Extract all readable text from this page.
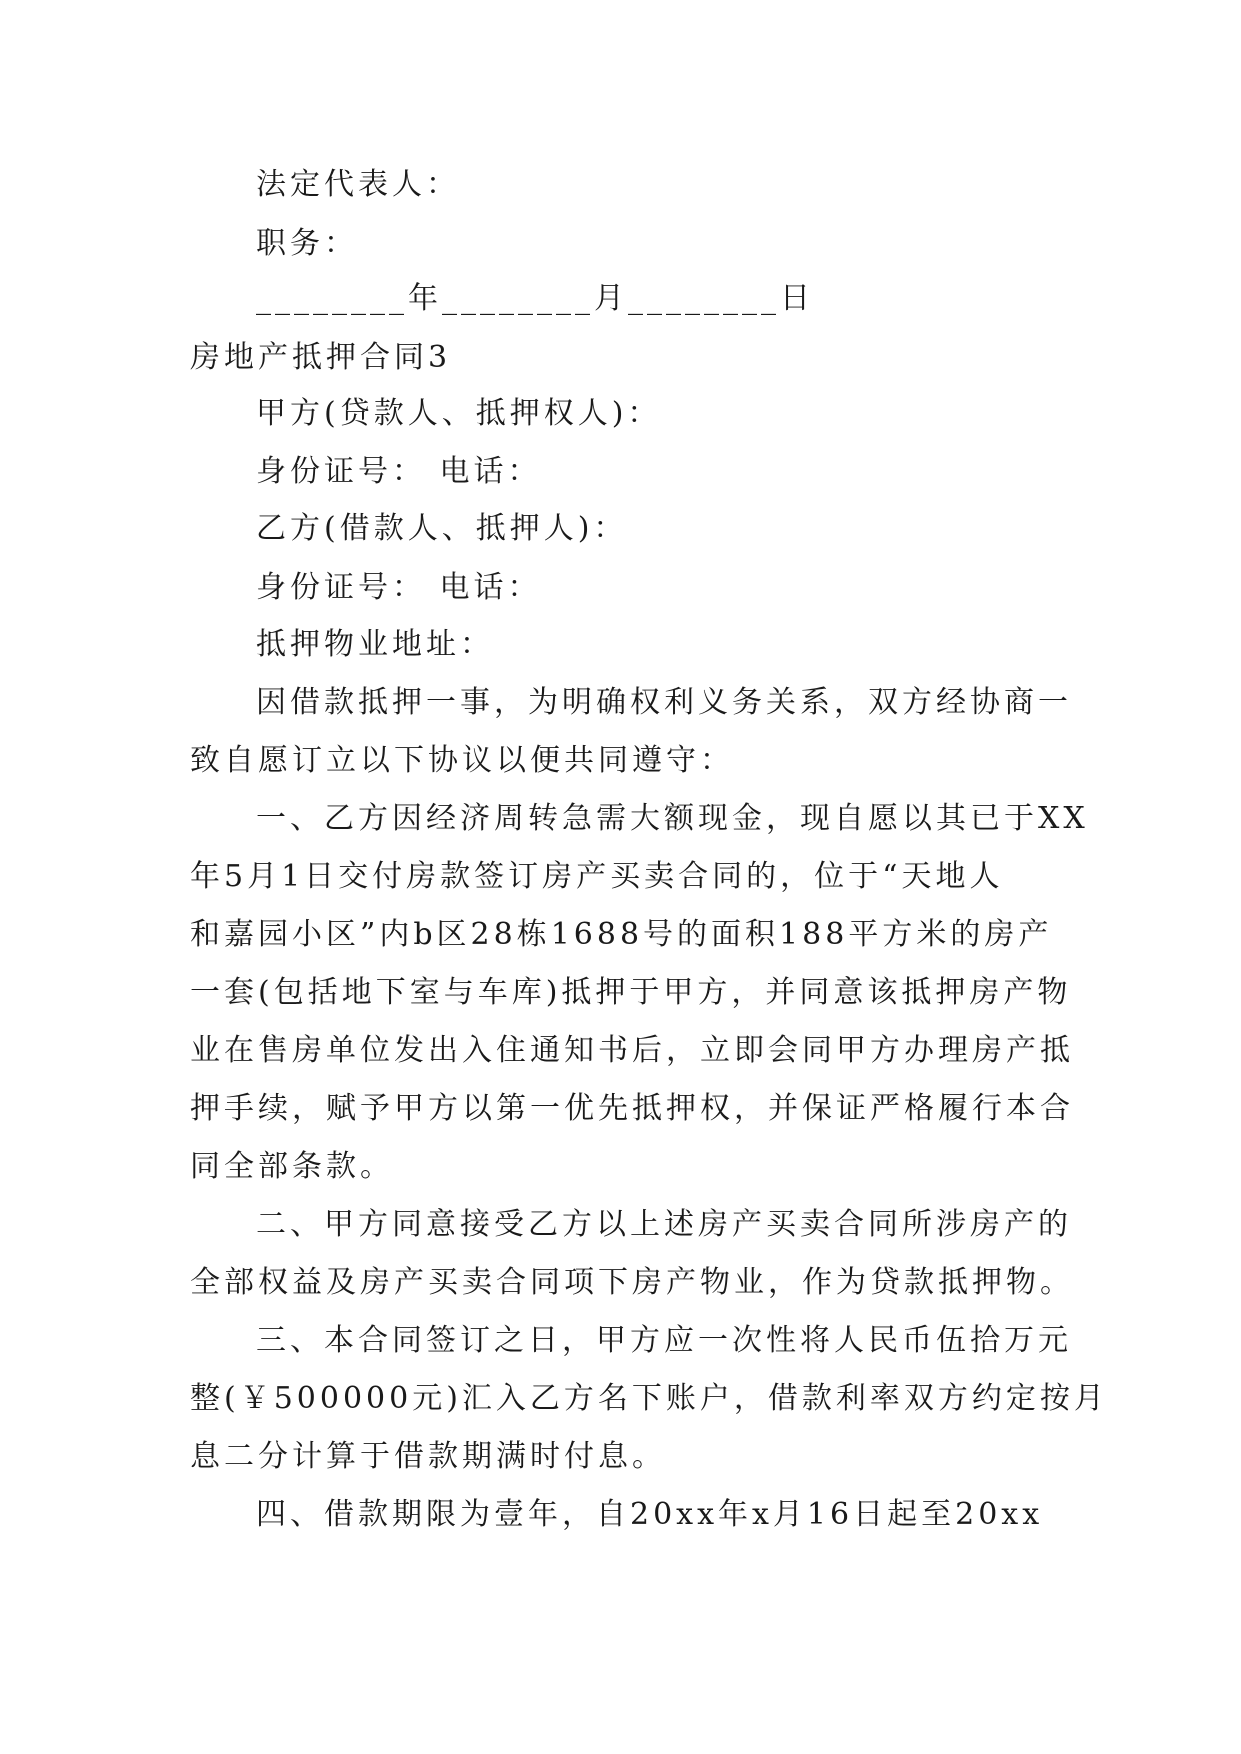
法定代表人：
职务：
________年________月________日
房地产抵押合同3
甲方(贷款人、抵押权人)：
身份证号： 电话：
乙方(借款人、抵押人)：
身份证号： 电话：
抵押物业地址：
因借款抵押一事，为明确权利义务关系，双方经协商一
致自愿订立以下协议以便共同遵守：
一、乙方因经济周转急需大额现金，现自愿以其已于XX
年5月1日交付房款签订房产买卖合同的，位于“天地人
和嘉园小区”内b区28栋1688号的面积188平方米的房产
一套(包括地下室与车库)抵押于甲方，并同意该抵押房产物
业在售房单位发出入住通知书后，立即会同甲方办理房产抵
押手续，赋予甲方以第一优先抵押权，并保证严格履行本合
同全部条款。
二、甲方同意接受乙方以上述房产买卖合同所涉房产的
全部权益及房产买卖合同项下房产物业，作为贷款抵押物。
三、本合同签订之日，甲方应一次性将人民币伍拾万元
整(￥500000元)汇入乙方名下账户，借款利率双方约定按月
息二分计算于借款期满时付息。
四、借款期限为壹年，自20xx年x月16日起至20xx
